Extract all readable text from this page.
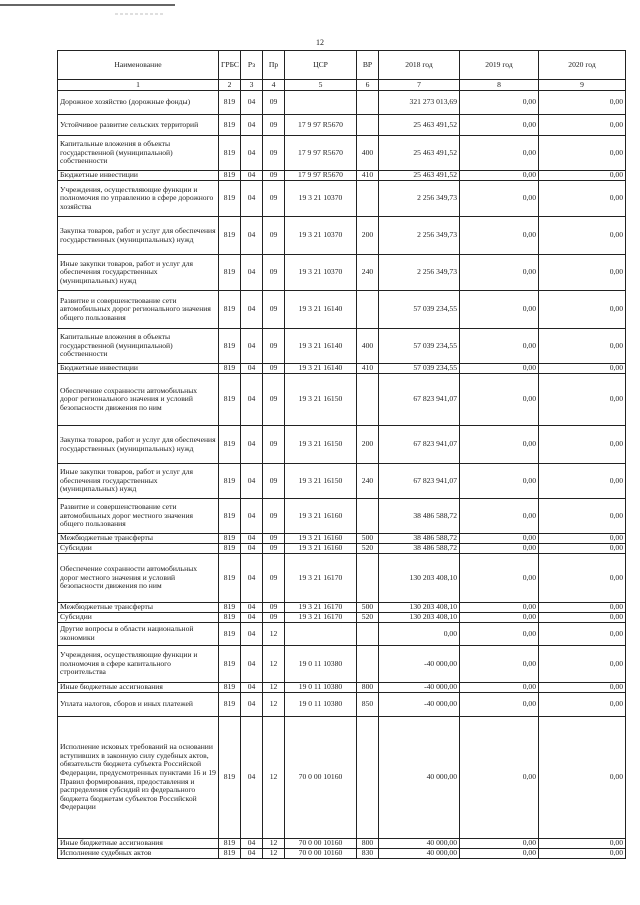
12
Наименование	ГРБС	Рз	Пр	ЦСР	ВР	2018 год	2019 год	2020 год
1	2	3	4	5	6	7	8	9
Дорожное хозяйство (дорожные фонды)	819	04	09			321 273 013,69	0,00	0,00
Устойчивое развитие сельских территорий	819	04	09	17 9 97 R5670		25 463 491,52	0,00	0,00
Капитальные вложения в объекты государственной (муниципальной) собственности	819	04	09	17 9 97 R5670	400	25 463 491,52	0,00	0,00
Бюджетные инвестиции	819	04	09	17 9 97 R5670	410	25 463 491,52	0,00	0,00
Учреждения, осуществляющие функции и полномочия по управлению в сфере дорожного хозяйства	819	04	09	19 3 21 10370		2 256 349,73	0,00	0,00
Закупка товаров, работ и услуг для обеспечения государственных (муниципальных) нужд	819	04	09	19 3 21 10370	200	2 256 349,73	0,00	0,00
Иные закупки товаров, работ и услуг для обеспечения государственных (муниципальных) нужд	819	04	09	19 3 21 10370	240	2 256 349,73	0,00	0,00
Развитие и совершенствование сети автомобильных дорог регионального значения общего пользования	819	04	09	19 3 21 16140		57 039 234,55	0,00	0,00
Капитальные вложения в объекты государственной (муниципальной) собственности	819	04	09	19 3 21 16140	400	57 039 234,55	0,00	0,00
Бюджетные инвестиции	819	04	09	19 3 21 16140	410	57 039 234,55	0,00	0,00
Обеспечение сохранности автомобильных дорог регионального значения и условий безопасности движения по ним	819	04	09	19 3 21 16150		67 823 941,07	0,00	0,00
Закупка товаров, работ и услуг для обеспечения государственных (муниципальных) нужд	819	04	09	19 3 21 16150	200	67 823 941,07	0,00	0,00
Иные закупки товаров, работ и услуг для обеспечения государственных (муниципальных) нужд	819	04	09	19 3 21 16150	240	67 823 941,07	0,00	0,00
Развитие и совершенствование сети автомобильных дорог местного значения общего пользования	819	04	09	19 3 21 16160		38 486 588,72	0,00	0,00
Межбюджетные трансферты	819	04	09	19 3 21 16160	500	38 486 588,72	0,00	0,00
Субсидии	819	04	09	19 3 21 16160	520	38 486 588,72	0,00	0,00
Обеспечение сохранности автомобильных дорог местного значения и условий безопасности движения по ним	819	04	09	19 3 21 16170		130 203 408,10	0,00	0,00
Межбюджетные трансферты	819	04	09	19 3 21 16170	500	130 203 408,10	0,00	0,00
Субсидии	819	04	09	19 3 21 16170	520	130 203 408,10	0,00	0,00
Другие вопросы в области национальной экономики	819	04	12			0,00	0,00	0,00
Учреждения, осуществляющие функции и полномочия в сфере капитального строительства	819	04	12	19 0 11 10380		-40 000,00	0,00	0,00
Иные бюджетные ассигнования	819	04	12	19 0 11 10380	800	-40 000,00	0,00	0,00
Уплата налогов, сборов и иных платежей	819	04	12	19 0 11 10380	850	-40 000,00	0,00	0,00
Исполнение исковых требований на основании вступивших в законную силу судебных актов, обязательств бюджета субъекта Российской Федерации, предусмотренных пунктами 16 и 19 Правил формирования, предоставления и распределения субсидий из федерального бюджета бюджетам субъектов Российской Федерации	819	04	12	70 0 00 10160		40 000,00	0,00	0,00
Иные бюджетные ассигнования	819	04	12	70 0 00 10160	800	40 000,00	0,00	0,00
Исполнение судебных актов	819	04	12	70 0 00 10160	830	40 000,00	0,00	0,00
